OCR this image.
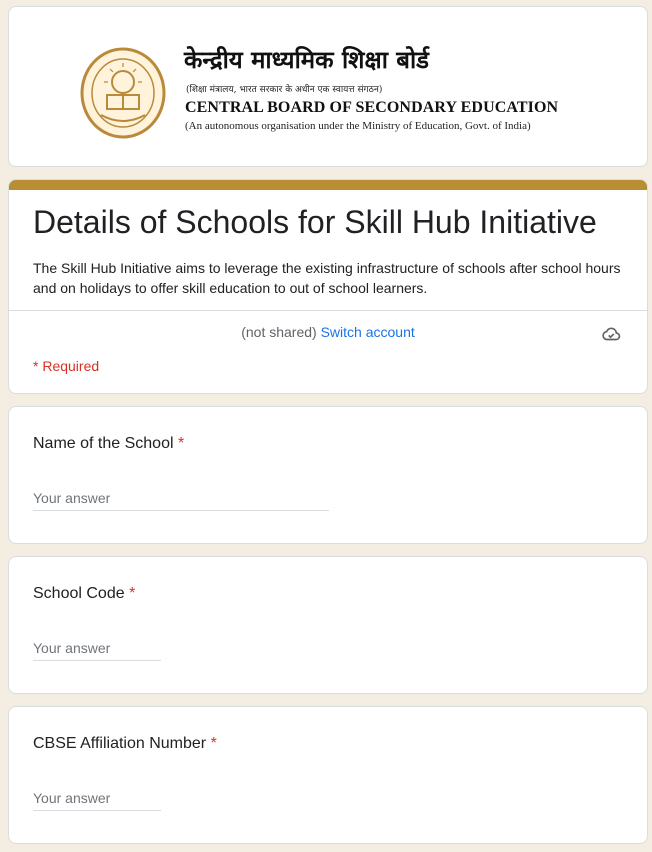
केन्द्रीय माध्यमिक शिक्षा बोर्ड
(शिक्षा मंत्रालय, भारत सरकार के अधीन एक स्वायत्त संगठन)
CENTRAL BOARD OF SECONDARY EDUCATION
(An autonomous organisation under the Ministry of Education, Govt. of India)
Details of Schools for Skill Hub Initiative

The Skill Hub Initiative aims to leverage the existing infrastructure of schools after school hours and on holidays to offer skill education to out of school learners.

(not shared) Switch account
* Required
Name of the School *
Your answer
School Code *
Your answer
CBSE Affiliation Number *
Your answer
